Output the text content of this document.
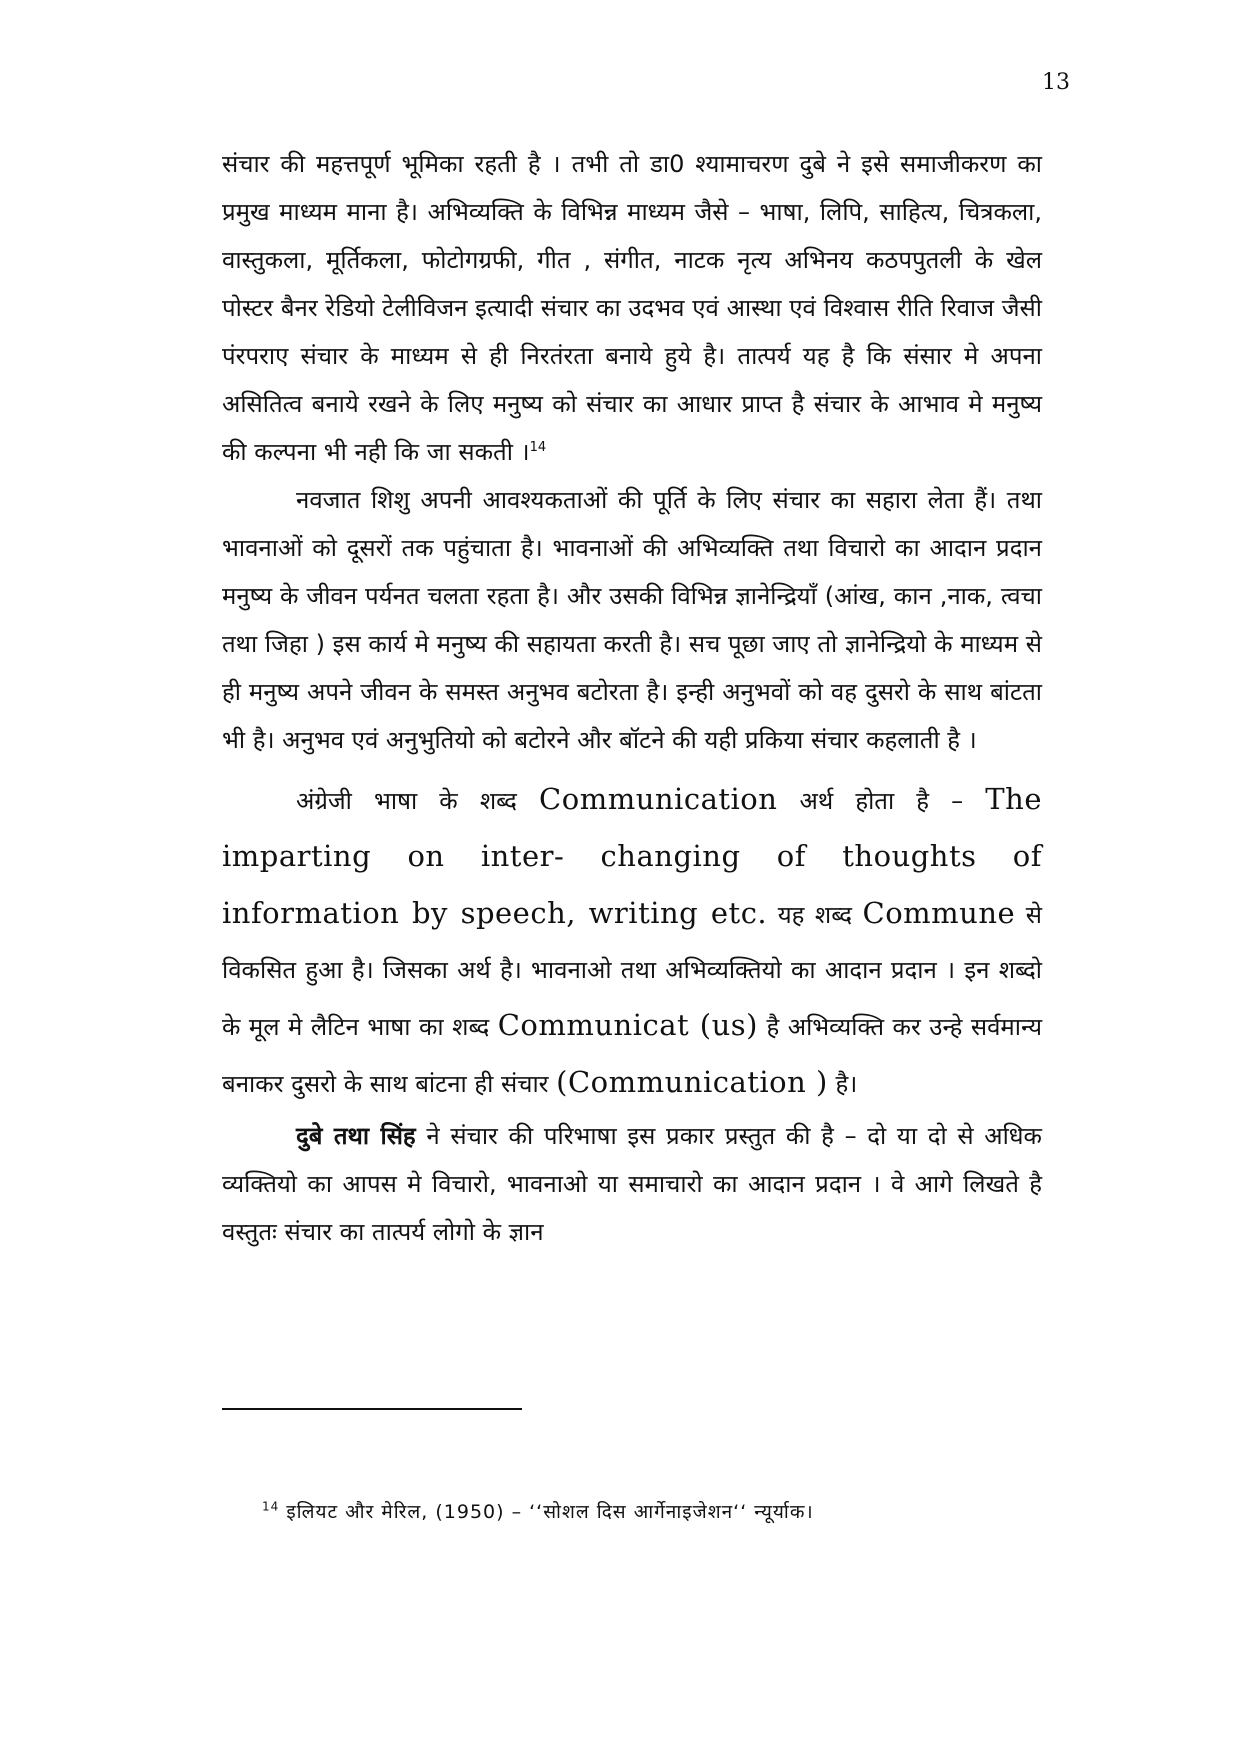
13

संचार की महत्तपूर्ण भूमिका रहती है । तभी तो डा0 श्यामाचरण दुबे ने इसे समाजीकरण का प्रमुख माध्यम माना है। अभिव्यक्ति के विभिन्न माध्यम जैसे – भाषा, लिपि, साहित्य, चित्रकला, वास्तुकला, मूर्तिकला, फोटोगग्रफी, गीत , संगीत, नाटक नृत्य अभिनय कठपपुतली के खेल पोस्टर बैनर रेडियो टेलीविजन इत्यादी संचार का उदभव एवं आस्था एवं विश्वास रीति रिवाज जैसी पंरपराए संचार के माध्यम से ही निरतंरता बनाये हुये है। तात्पर्य यह है कि संसार मे अपना असितित्व बनाये रखने के लिए मनुष्य को संचार का आधार प्राप्त है संचार के आभाव मे मनुष्य की कल्पना भी नही कि जा सकती ।$^{14}$

नवजात शिशु अपनी आवश्यकताओं की पूर्ति के लिए संचार का सहारा लेता हैं। तथा भावनाओं को दूसरों तक पहुंचाता है। भावनाओं की अभिव्यक्ति तथा विचारो का आदान प्रदान मनुष्य के जीवन पर्यनत चलता रहता है। और उसकी विभिन्न ज्ञानेन्द्रियाँ (आंख, कान ,नाक, त्वचा तथा जिहा ) इस कार्य मे मनुष्य की सहायता करती है। सच पूछा जाए तो ज्ञानेन्द्रियो के माध्यम से ही मनुष्य अपने जीवन के समस्त अनुभव बटोरता है। इन्ही अनुभवों को वह दुसरो के साथ बांटता भी है। अनुभव एवं अनुभुतियो को बटोरने और बॉटने की यही प्रकिया संचार कहलाती है ।

अंग्रेजी भाषा के शब्द Communication अर्थ होता है – The imparting on inter- changing of thoughts of information by speech, writing etc. यह शब्द Commune से विकसित हुआ है। जिसका अर्थ है। भावनाओ तथा अभिव्यक्तियो का आदान प्रदान । इन शब्दो के मूल मे लैटिन भाषा का शब्द Communicat (us) है अभिव्यक्ति कर उन्हे सर्वमान्य बनाकर दुसरो के साथ बांटना ही संचार (Communication ) है।

दुबे तथा सिंह ने संचार की परिभाषा इस प्रकार प्रस्तुत की है – दो या दो से अधिक व्यक्तियो का आपस मे विचारो, भावनाओ या समाचारो का आदान प्रदान । वे आगे लिखते है वस्तुतः संचार का तात्पर्य लोगो के ज्ञान

$^{14}$ इलियट और मेरिल, (1950) – ‘‘सोशल दिस आर्गेनाइजेशन‘‘ न्यूर्याक।
